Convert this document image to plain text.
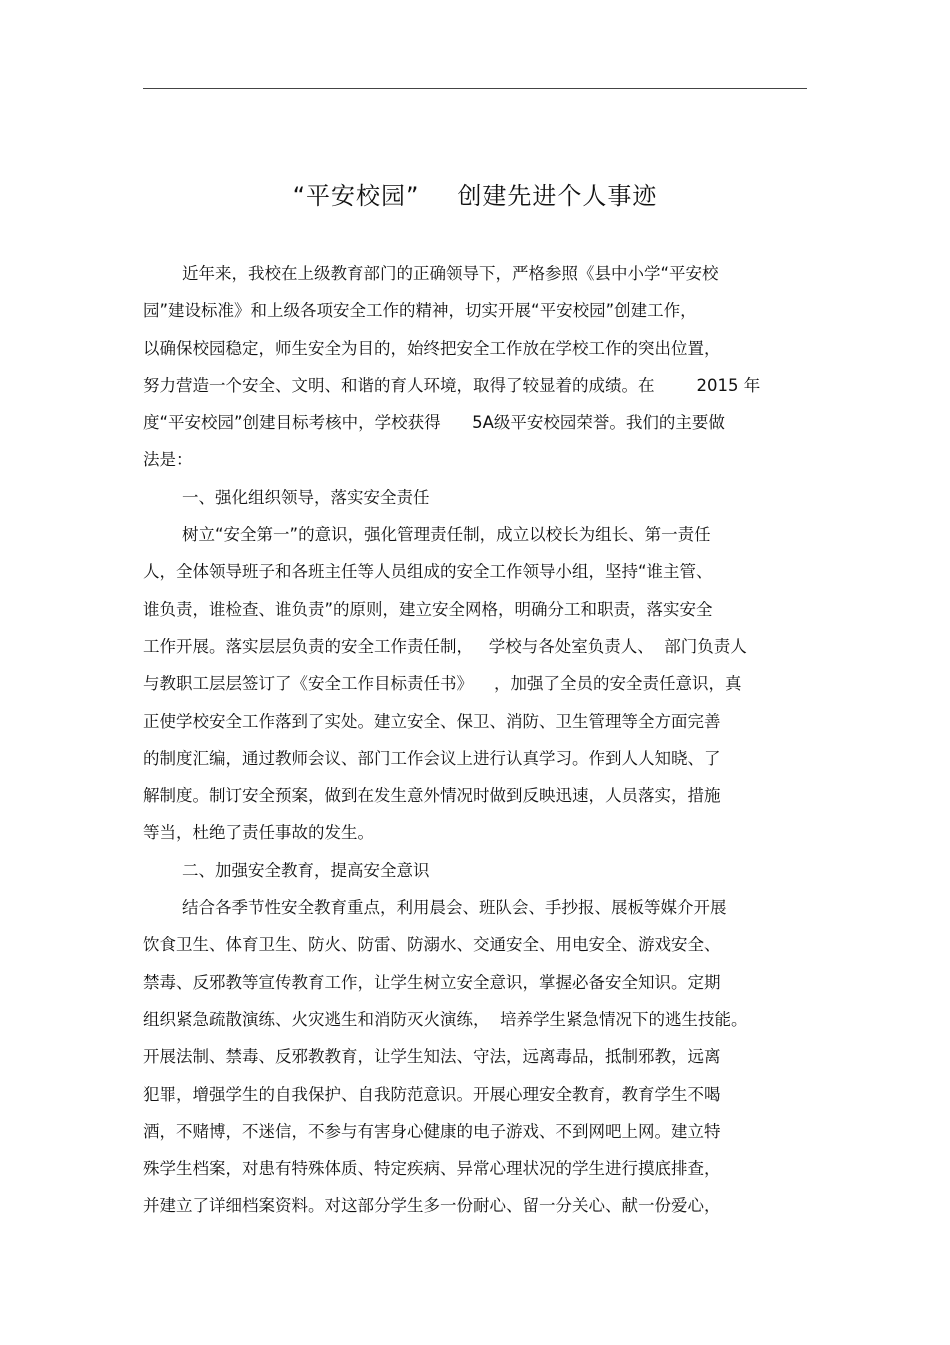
“平安校园” 创建先进个人事迹
近年来，我校在上级教育部门的正确领导下，严格参照《县中小学“平安校
园”建设标准》和上级各项安全工作的精神，切实开展“平安校园”创建工作，
以确保校园稳定，师生安全为目的，始终把安全工作放在学校工作的突出位置，
努力营造一个安全、文明、和谐的育人环境，取得了较显着的成绩。在        2015 年
度“平安校园”创建目标考核中，学校获得      5A级平安校园荣誉。我们的主要做
法是：
一、强化组织领导，落实安全责任
树立“安全第一”的意识，强化管理责任制，成立以校长为组长、第一责任
人，全体领导班子和各班主任等人员组成的安全工作领导小组，坚持“谁主管、
谁负责，谁检查、谁负责”的原则，建立安全网格，明确分工和职责，落实安全
工作开展。落实层层负责的安全工作责任制，   学校与各处室负责人、  部门负责人
与教职工层层签订了《安全工作目标责任书》    ，加强了全员的安全责任意识，真
正使学校安全工作落到了实处。建立安全、保卫、消防、卫生管理等全方面完善
的制度汇编，通过教师会议、部门工作会议上进行认真学习。作到人人知晓、了
解制度。制订安全预案，做到在发生意外情况时做到反映迅速，人员落实，措施
等当，杜绝了责任事故的发生。
二、加强安全教育，提高安全意识
结合各季节性安全教育重点，利用晨会、班队会、手抄报、展板等媒介开展
饮食卫生、体育卫生、防火、防雷、防溺水、交通安全、用电安全、游戏安全、
禁毒、反邪教等宣传教育工作，让学生树立安全意识，掌握必备安全知识。定期
组织紧急疏散演练、火灾逃生和消防灭火演练，  培养学生紧急情况下的逃生技能。
开展法制、禁毒、反邪教教育，让学生知法、守法，远离毒品，抵制邪教，远离
犯罪，增强学生的自我保护、自我防范意识。开展心理安全教育，教育学生不喝
酒，不赌博，不迷信，不参与有害身心健康的电子游戏、不到网吧上网。建立特
殊学生档案，对患有特殊体质、特定疾病、异常心理状况的学生进行摸底排查，
并建立了详细档案资料。对这部分学生多一份耐心、留一分关心、献一份爱心，
